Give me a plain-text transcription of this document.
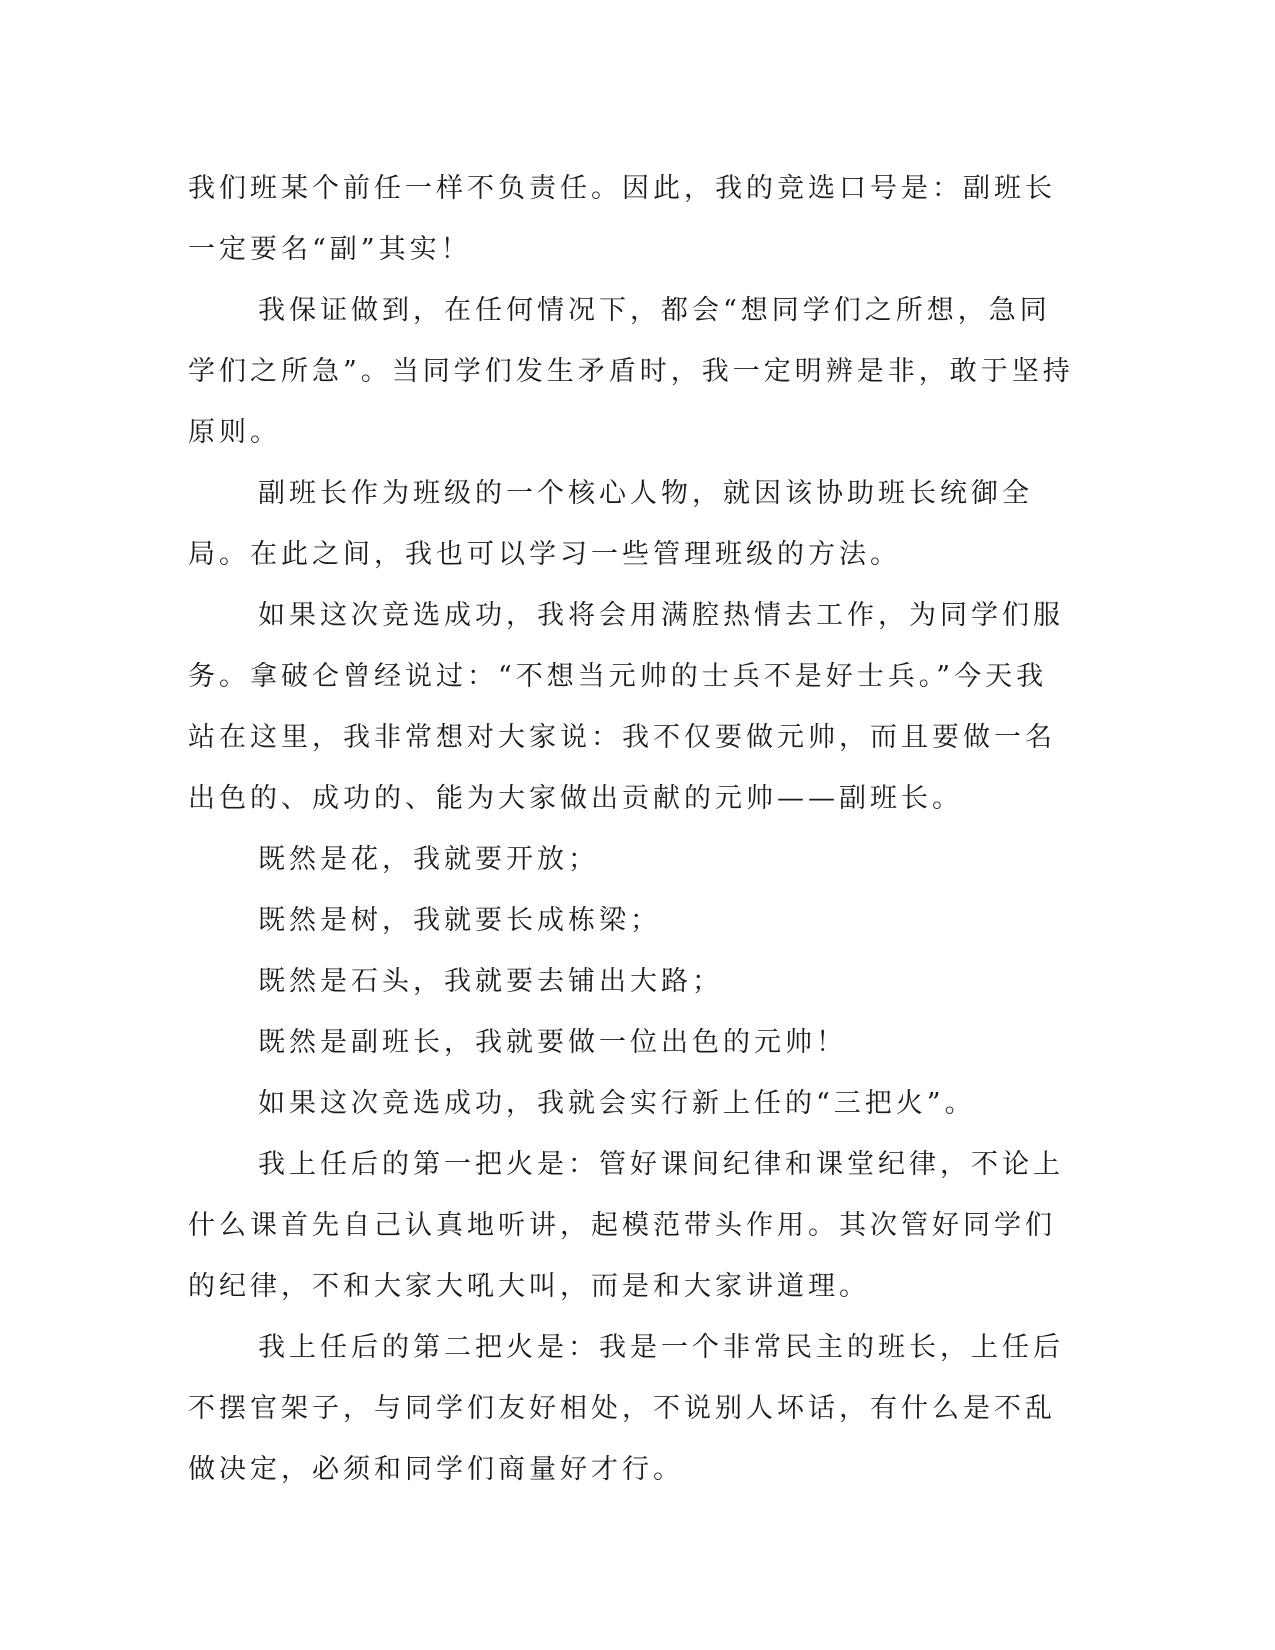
我们班某个前任一样不负责任。因此，我的竞选口号是：副班长一定要名“副”其实！

我保证做到，在任何情况下，都会“想同学们之所想，急同学们之所急”。当同学们发生矛盾时，我一定明辨是非，敢于坚持原则。

副班长作为班级的一个核心人物，就因该协助班长统御全局。在此之间，我也可以学习一些管理班级的方法。

如果这次竞选成功，我将会用满腔热情去工作，为同学们服务。拿破仑曾经说过：“不想当元帅的士兵不是好士兵。”今天我站在这里，我非常想对大家说：我不仅要做元帅，而且要做一名出色的、成功的、能为大家做出贡献的元帅——副班长。

既然是花，我就要开放；

既然是树，我就要长成栋梁；

既然是石头，我就要去铺出大路；

既然是副班长，我就要做一位出色的元帅！

如果这次竞选成功，我就会实行新上任的“三把火”。

我上任后的第一把火是：管好课间纪律和课堂纪律，不论上什么课首先自己认真地听讲，起模范带头作用。其次管好同学们的纪律，不和大家大吼大叫，而是和大家讲道理。

我上任后的第二把火是：我是一个非常民主的班长，上任后不摆官架子，与同学们友好相处，不说别人坏话，有什么是不乱做决定，必须和同学们商量好才行。
